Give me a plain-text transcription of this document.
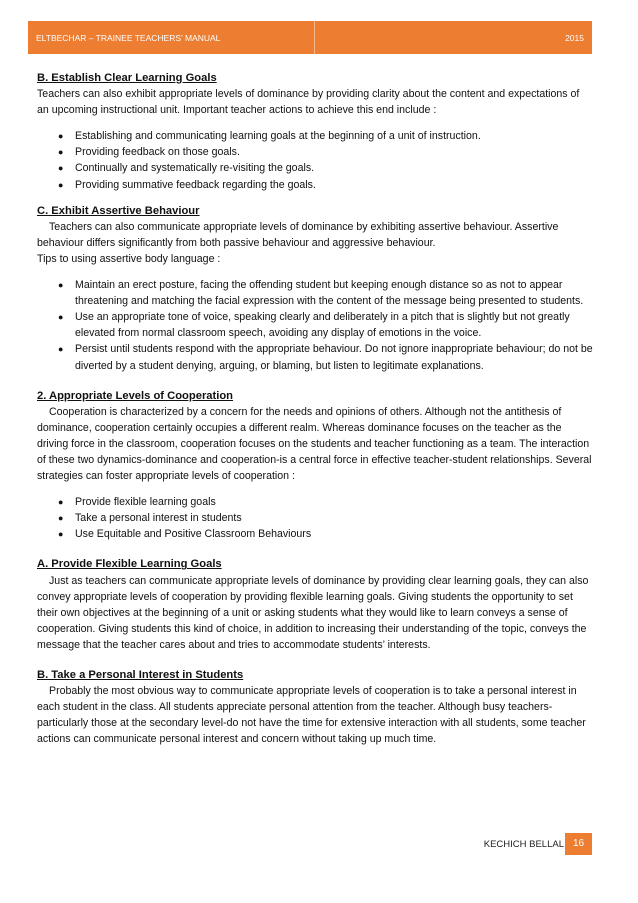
ELTBECHAR – TRAINEE TEACHERS’ MANUAL	2015

B. Establish Clear Learning Goals

Teachers can also exhibit appropriate levels of dominance by providing clarity about the content and expectations of an upcoming instructional unit. Important teacher actions to achieve this end include :

● Establishing and communicating learning goals at the beginning of a unit of instruction.
● Providing feedback on those goals.
● Continually and systematically re-visiting the goals.
● Providing summative feedback regarding the goals.

C. Exhibit Assertive Behaviour

Teachers can also communicate appropriate levels of dominance by exhibiting assertive behaviour. Assertive behaviour differs significantly from both passive behaviour and aggressive behaviour.

Tips to using assertive body language :

● Maintain an erect posture, facing the offending student but keeping enough distance so as not to appear threatening and matching the facial expression with the content of the message being presented to students.
● Use an appropriate tone of voice, speaking clearly and deliberately in a pitch that is slightly but not greatly elevated from normal classroom speech, avoiding any display of emotions in the voice.
● Persist until students respond with the appropriate behaviour. Do not ignore inappropriate behaviour; do not be diverted by a student denying, arguing, or blaming, but listen to legitimate explanations.

2. Appropriate Levels of Cooperation

Cooperation is characterized by a concern for the needs and opinions of others. Although not the antithesis of dominance, cooperation certainly occupies a different realm. Whereas dominance focuses on the teacher as the driving force in the classroom, cooperation focuses on the students and teacher functioning as a team. The interaction of these two dynamics-dominance and cooperation-is a central force in effective teacher-student relationships. Several strategies can foster appropriate levels of cooperation :

● Provide flexible learning goals
● Take a personal interest in students
● Use Equitable and Positive Classroom Behaviours

A. Provide Flexible Learning Goals

Just as teachers can communicate appropriate levels of dominance by providing clear learning goals, they can also convey appropriate levels of cooperation by providing flexible learning goals. Giving students the opportunity to set their own objectives at the beginning of a unit or asking students what they would like to learn conveys a sense of cooperation. Giving students this kind of choice, in addition to increasing their understanding of the topic, conveys the message that the teacher cares about and tries to accommodate students’ interests.

B. Take a Personal Interest in Students

Probably the most obvious way to communicate appropriate levels of cooperation is to take a personal interest in each student in the class. All students appreciate personal attention from the teacher. Although busy teachers-particularly those at the secondary level-do not have the time for extensive interaction with all students, some teacher actions can communicate personal interest and concern without taking up much time.

KECHICH BELLAL 16
